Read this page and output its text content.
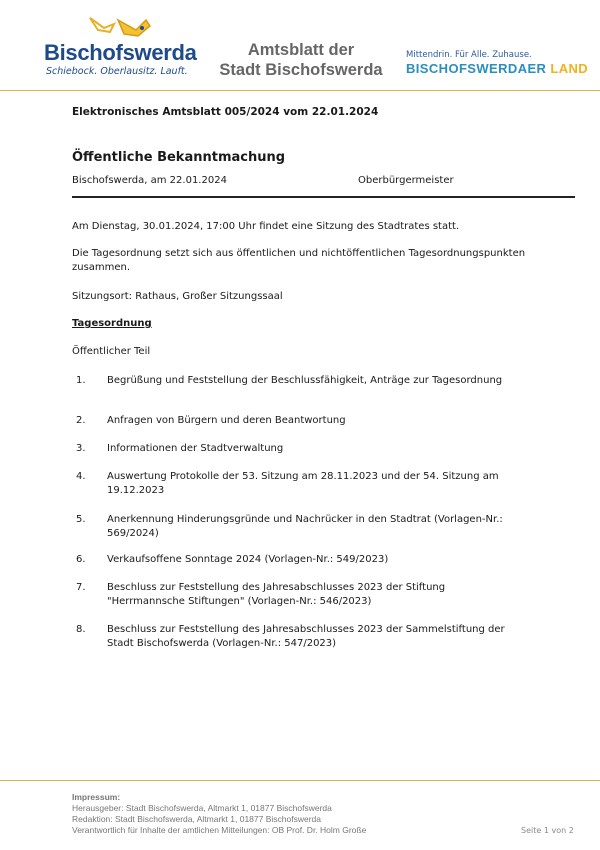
Bischofswerda
Schiebock. Oberlausitz. Lauft.
Amtsblatt der
Stadt Bischofswerda
Mittendrin. Für Alle. Zuhause.
BISCHOFSWERDAER LAND
Elektronisches Amtsblatt 005/2024 vom 22.01.2024
Öffentliche Bekanntmachung
Bischofswerda, am 22.01.2024	Oberbürgermeister
Am Dienstag, 30.01.2024, 17:00 Uhr findet eine Sitzung des Stadtrates statt.
Die Tagesordnung setzt sich aus öffentlichen und nichtöffentlichen Tagesordnungspunkten zusammen.
Sitzungsort: Rathaus, Großer Sitzungssaal
Tagesordnung
Öffentlicher Teil
1. Begrüßung und Feststellung der Beschlussfähigkeit, Anträge zur Tagesordnung
2. Anfragen von Bürgern und deren Beantwortung
3. Informationen der Stadtverwaltung
4. Auswertung Protokolle der 53. Sitzung am 28.11.2023 und der 54. Sitzung am 19.12.2023
5. Anerkennung Hinderungsgründe und Nachrücker in den Stadtrat (Vorlagen-Nr.: 569/2024)
6. Verkaufsoffene Sonntage 2024 (Vorlagen-Nr.: 549/2023)
7. Beschluss zur Feststellung des Jahresabschlusses 2023 der Stiftung "Herrmannsche Stiftungen" (Vorlagen-Nr.: 546/2023)
8. Beschluss zur Feststellung des Jahresabschlusses 2023 der Sammelstiftung der Stadt Bischofswerda (Vorlagen-Nr.: 547/2023)
Impressum:
Herausgeber: Stadt Bischofswerda, Altmarkt 1, 01877 Bischofswerda
Redaktion: Stadt Bischofswerda, Altmarkt 1, 01877 Bischofswerda
Verantwortlich für Inhalte der amtlichen Mitteilungen: OB Prof. Dr. Holm Große	Seite 1 von 2
